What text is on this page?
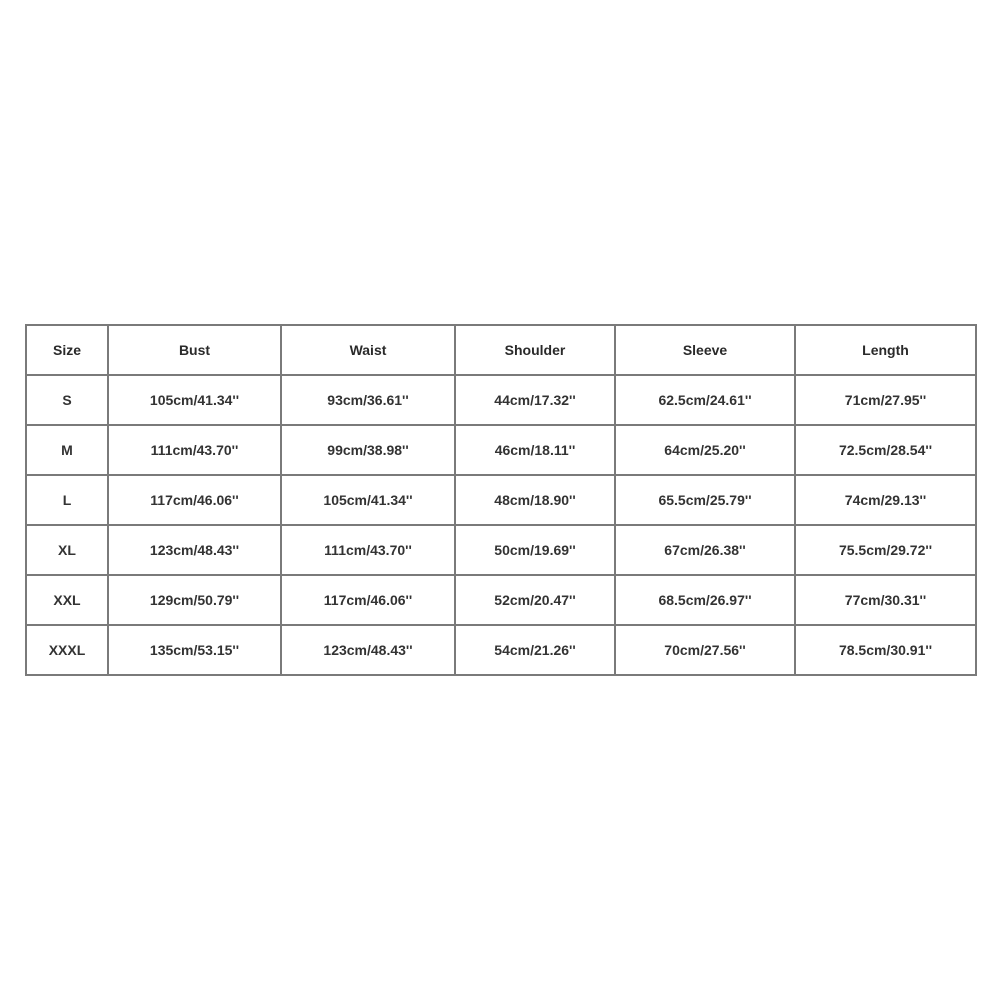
Size	Bust	Waist	Shoulder	Sleeve	Length
S	105cm/41.34''	93cm/36.61''	44cm/17.32''	62.5cm/24.61''	71cm/27.95''
M	111cm/43.70''	99cm/38.98''	46cm/18.11''	64cm/25.20''	72.5cm/28.54''
L	117cm/46.06''	105cm/41.34''	48cm/18.90''	65.5cm/25.79''	74cm/29.13''
XL	123cm/48.43''	111cm/43.70''	50cm/19.69''	67cm/26.38''	75.5cm/29.72''
XXL	129cm/50.79''	117cm/46.06''	52cm/20.47''	68.5cm/26.97''	77cm/30.31''
XXXL	135cm/53.15''	123cm/48.43''	54cm/21.26''	70cm/27.56''	78.5cm/30.91''
